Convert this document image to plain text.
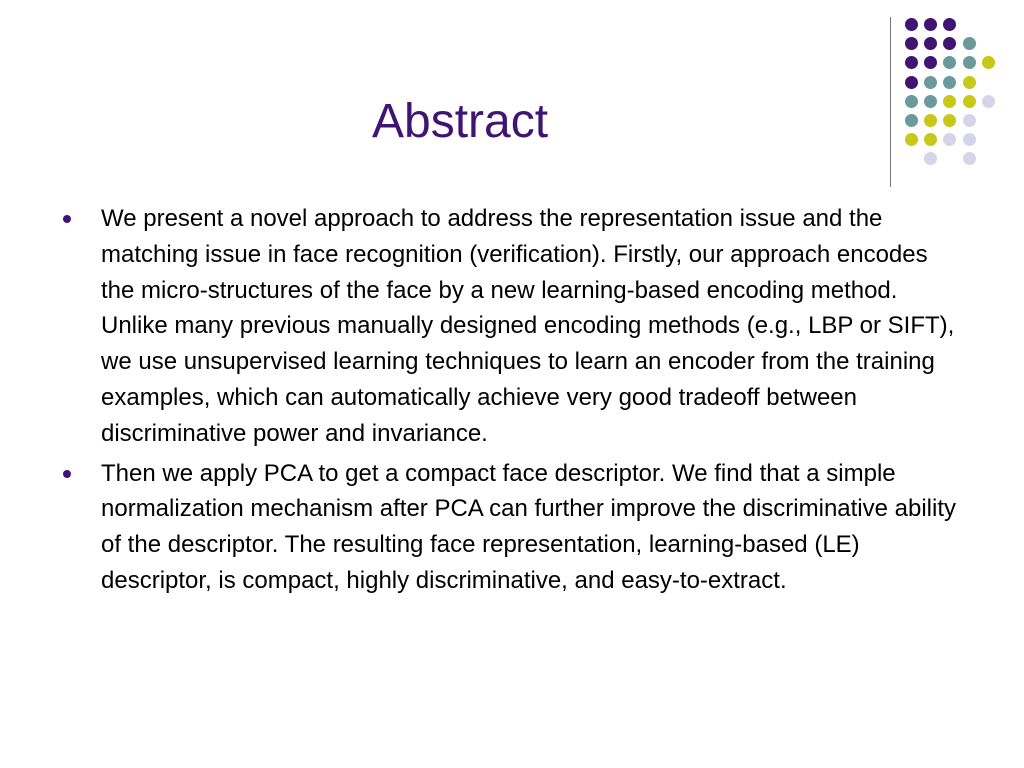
Abstract
We present a novel approach to address the representation issue and the matching issue in face recognition (verification). Firstly, our approach encodes the micro-structures of the face by a new learning-based encoding method. Unlike many previous manually designed encoding methods (e.g., LBP or SIFT), we use unsupervised learning techniques to learn an encoder from the training examples, which can automatically achieve very good tradeoff between discriminative power and invariance.
Then we apply PCA to get a compact face descriptor. We find that a simple normalization mechanism after PCA can further improve the discriminative ability of the descriptor. The resulting face representation, learning-based (LE) descriptor, is compact, highly discriminative, and easy-to-extract.
